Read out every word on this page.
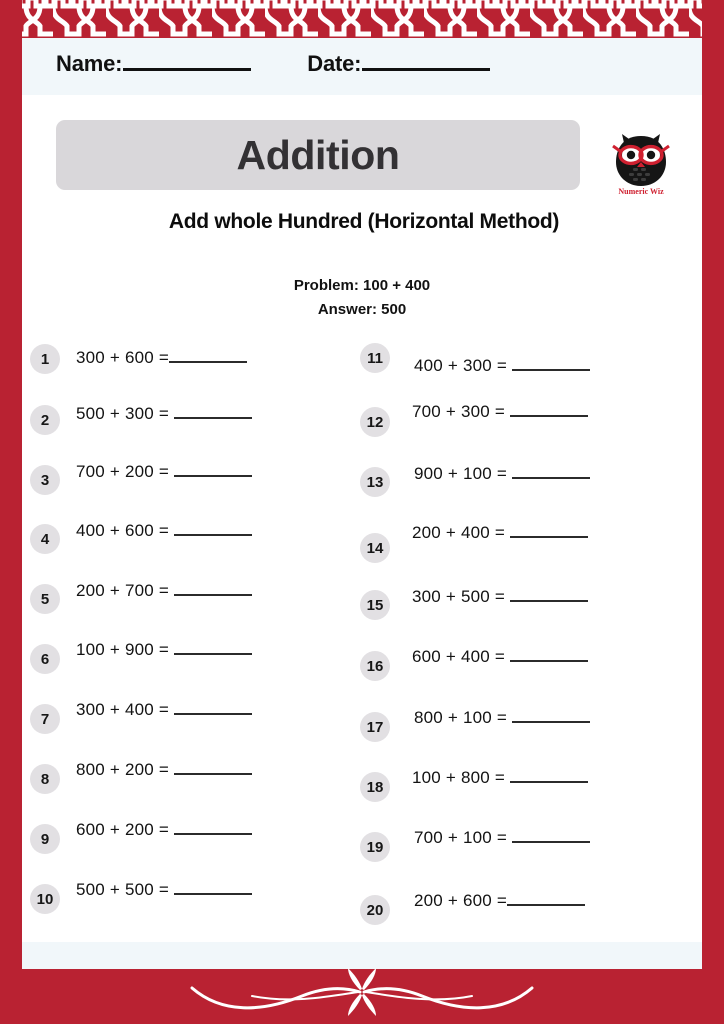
Name:	Date:
Addition
Numeric Wiz
Add whole Hundred (Horizontal Method)
Problem: 100 + 400
Answer: 500
1	300 + 600 =
2	500 + 300 =
3	700 + 200 =
4	400 + 600 =
5	200 + 700 =
6	100 + 900 =
7	300 + 400 =
8	800 + 200 =
9	600 + 200 =
10	500 + 500 =
11	400 + 300 =
12
700 + 300 =
13	900 + 100 =
14
200 + 400 =
15	300 + 500 =
16	600 + 400 =
17	800 + 100 =
18	100 + 800 =
19	700 + 100 =
20	200 + 600 =
